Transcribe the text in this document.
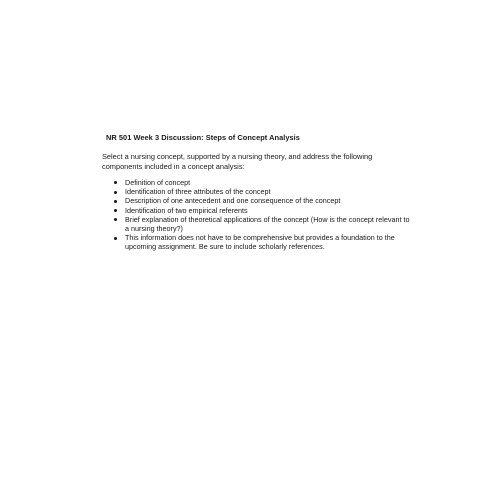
NR 501 Week 3 Discussion: Steps of Concept Analysis
Select a nursing concept, supported by a nursing theory, and address the following components included in a concept analysis:
Definition of concept
Identification of three attributes of the concept
Description of one antecedent and one consequence of the concept
Identification of two empirical referents
Brief explanation of theoretical applications of the concept (How is the concept relevant to a nursing theory?)
This information does not have to be comprehensive but provides a foundation to the upcoming assignment. Be sure to include scholarly references.
